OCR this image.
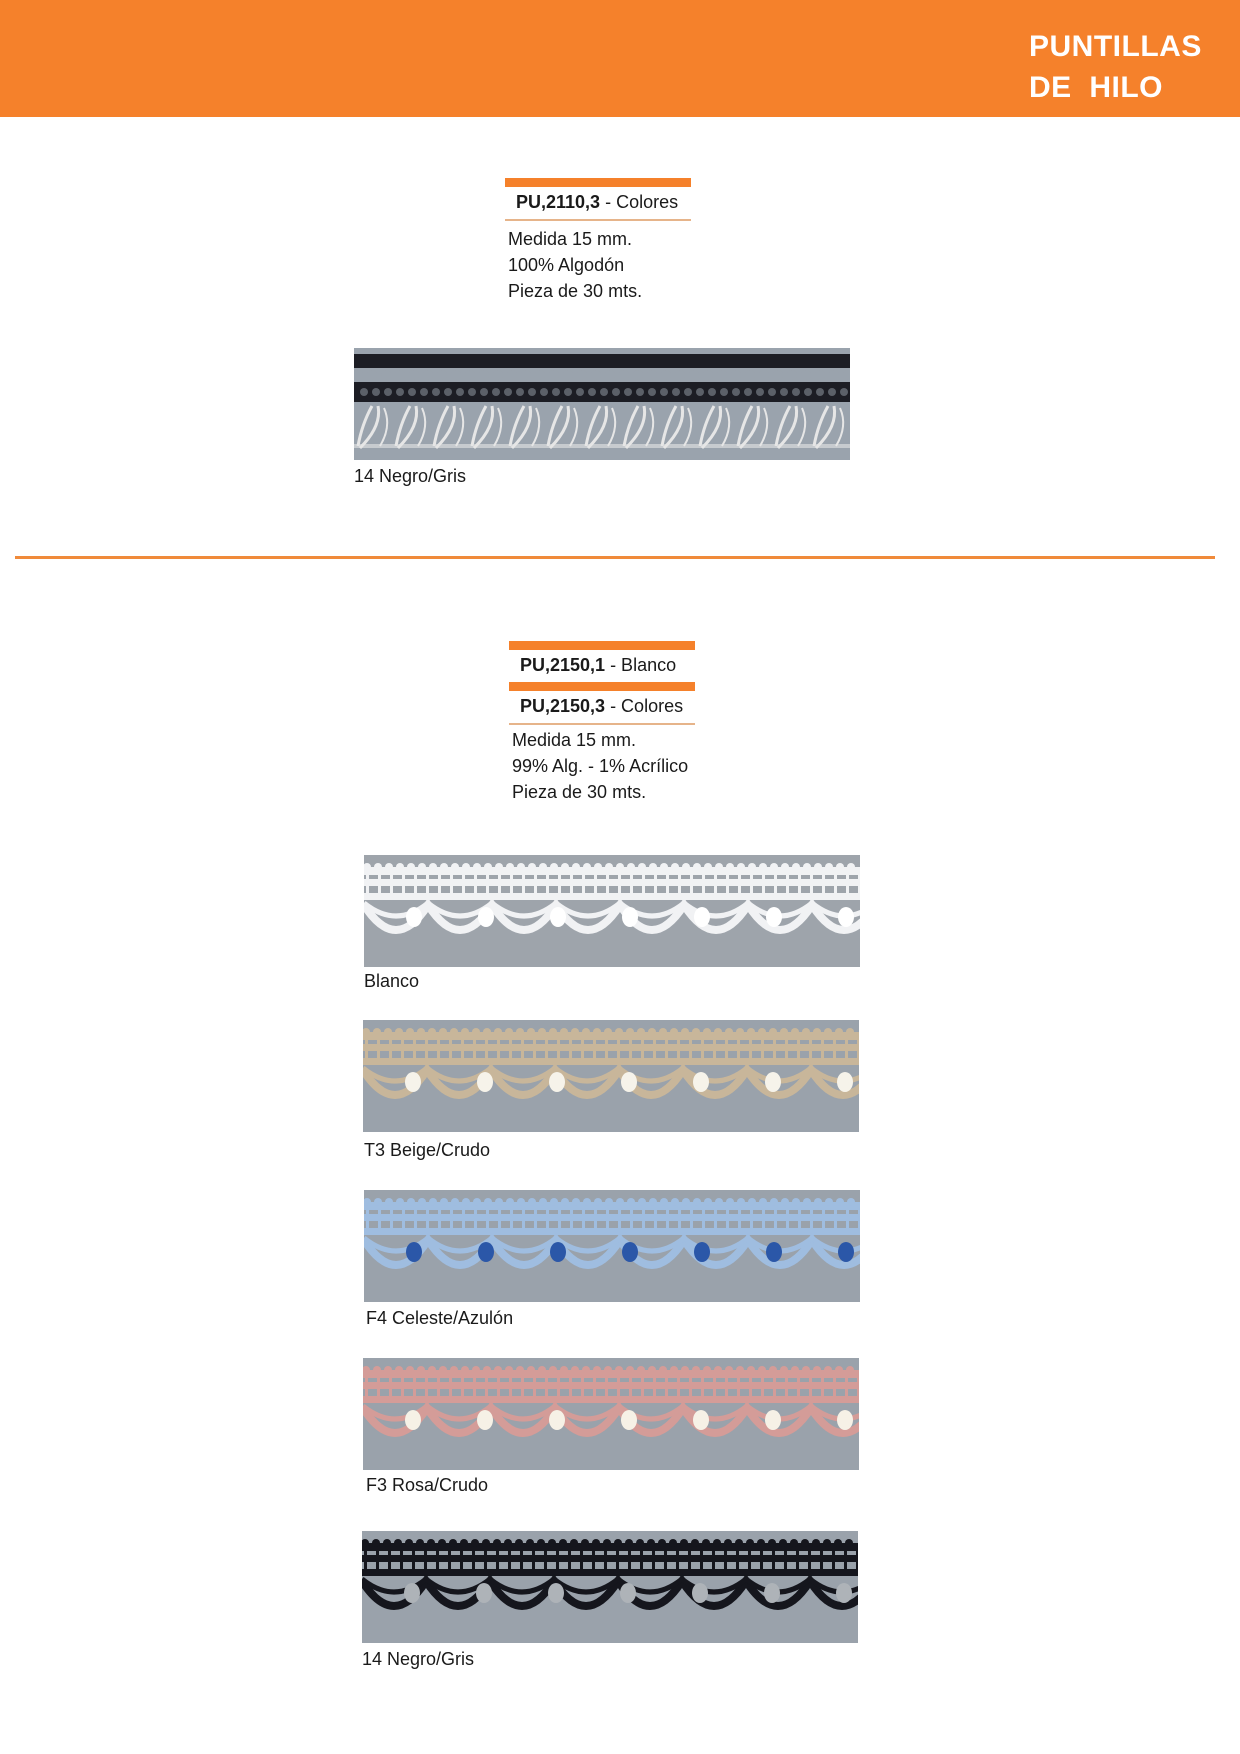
PUNTILLAS
DE  HILO
PU,2110,3 - Colores
Medida 15 mm.
100% Algodón
Pieza de 30 mts.
14 Negro/Gris
PU,2150,1 - Blanco
PU,2150,3 - Colores
Medida 15 mm.
99% Alg. - 1% Acrílico
Pieza de 30 mts.
Blanco
T3 Beige/Crudo
F4 Celeste/Azulón
F3 Rosa/Crudo
14 Negro/Gris
